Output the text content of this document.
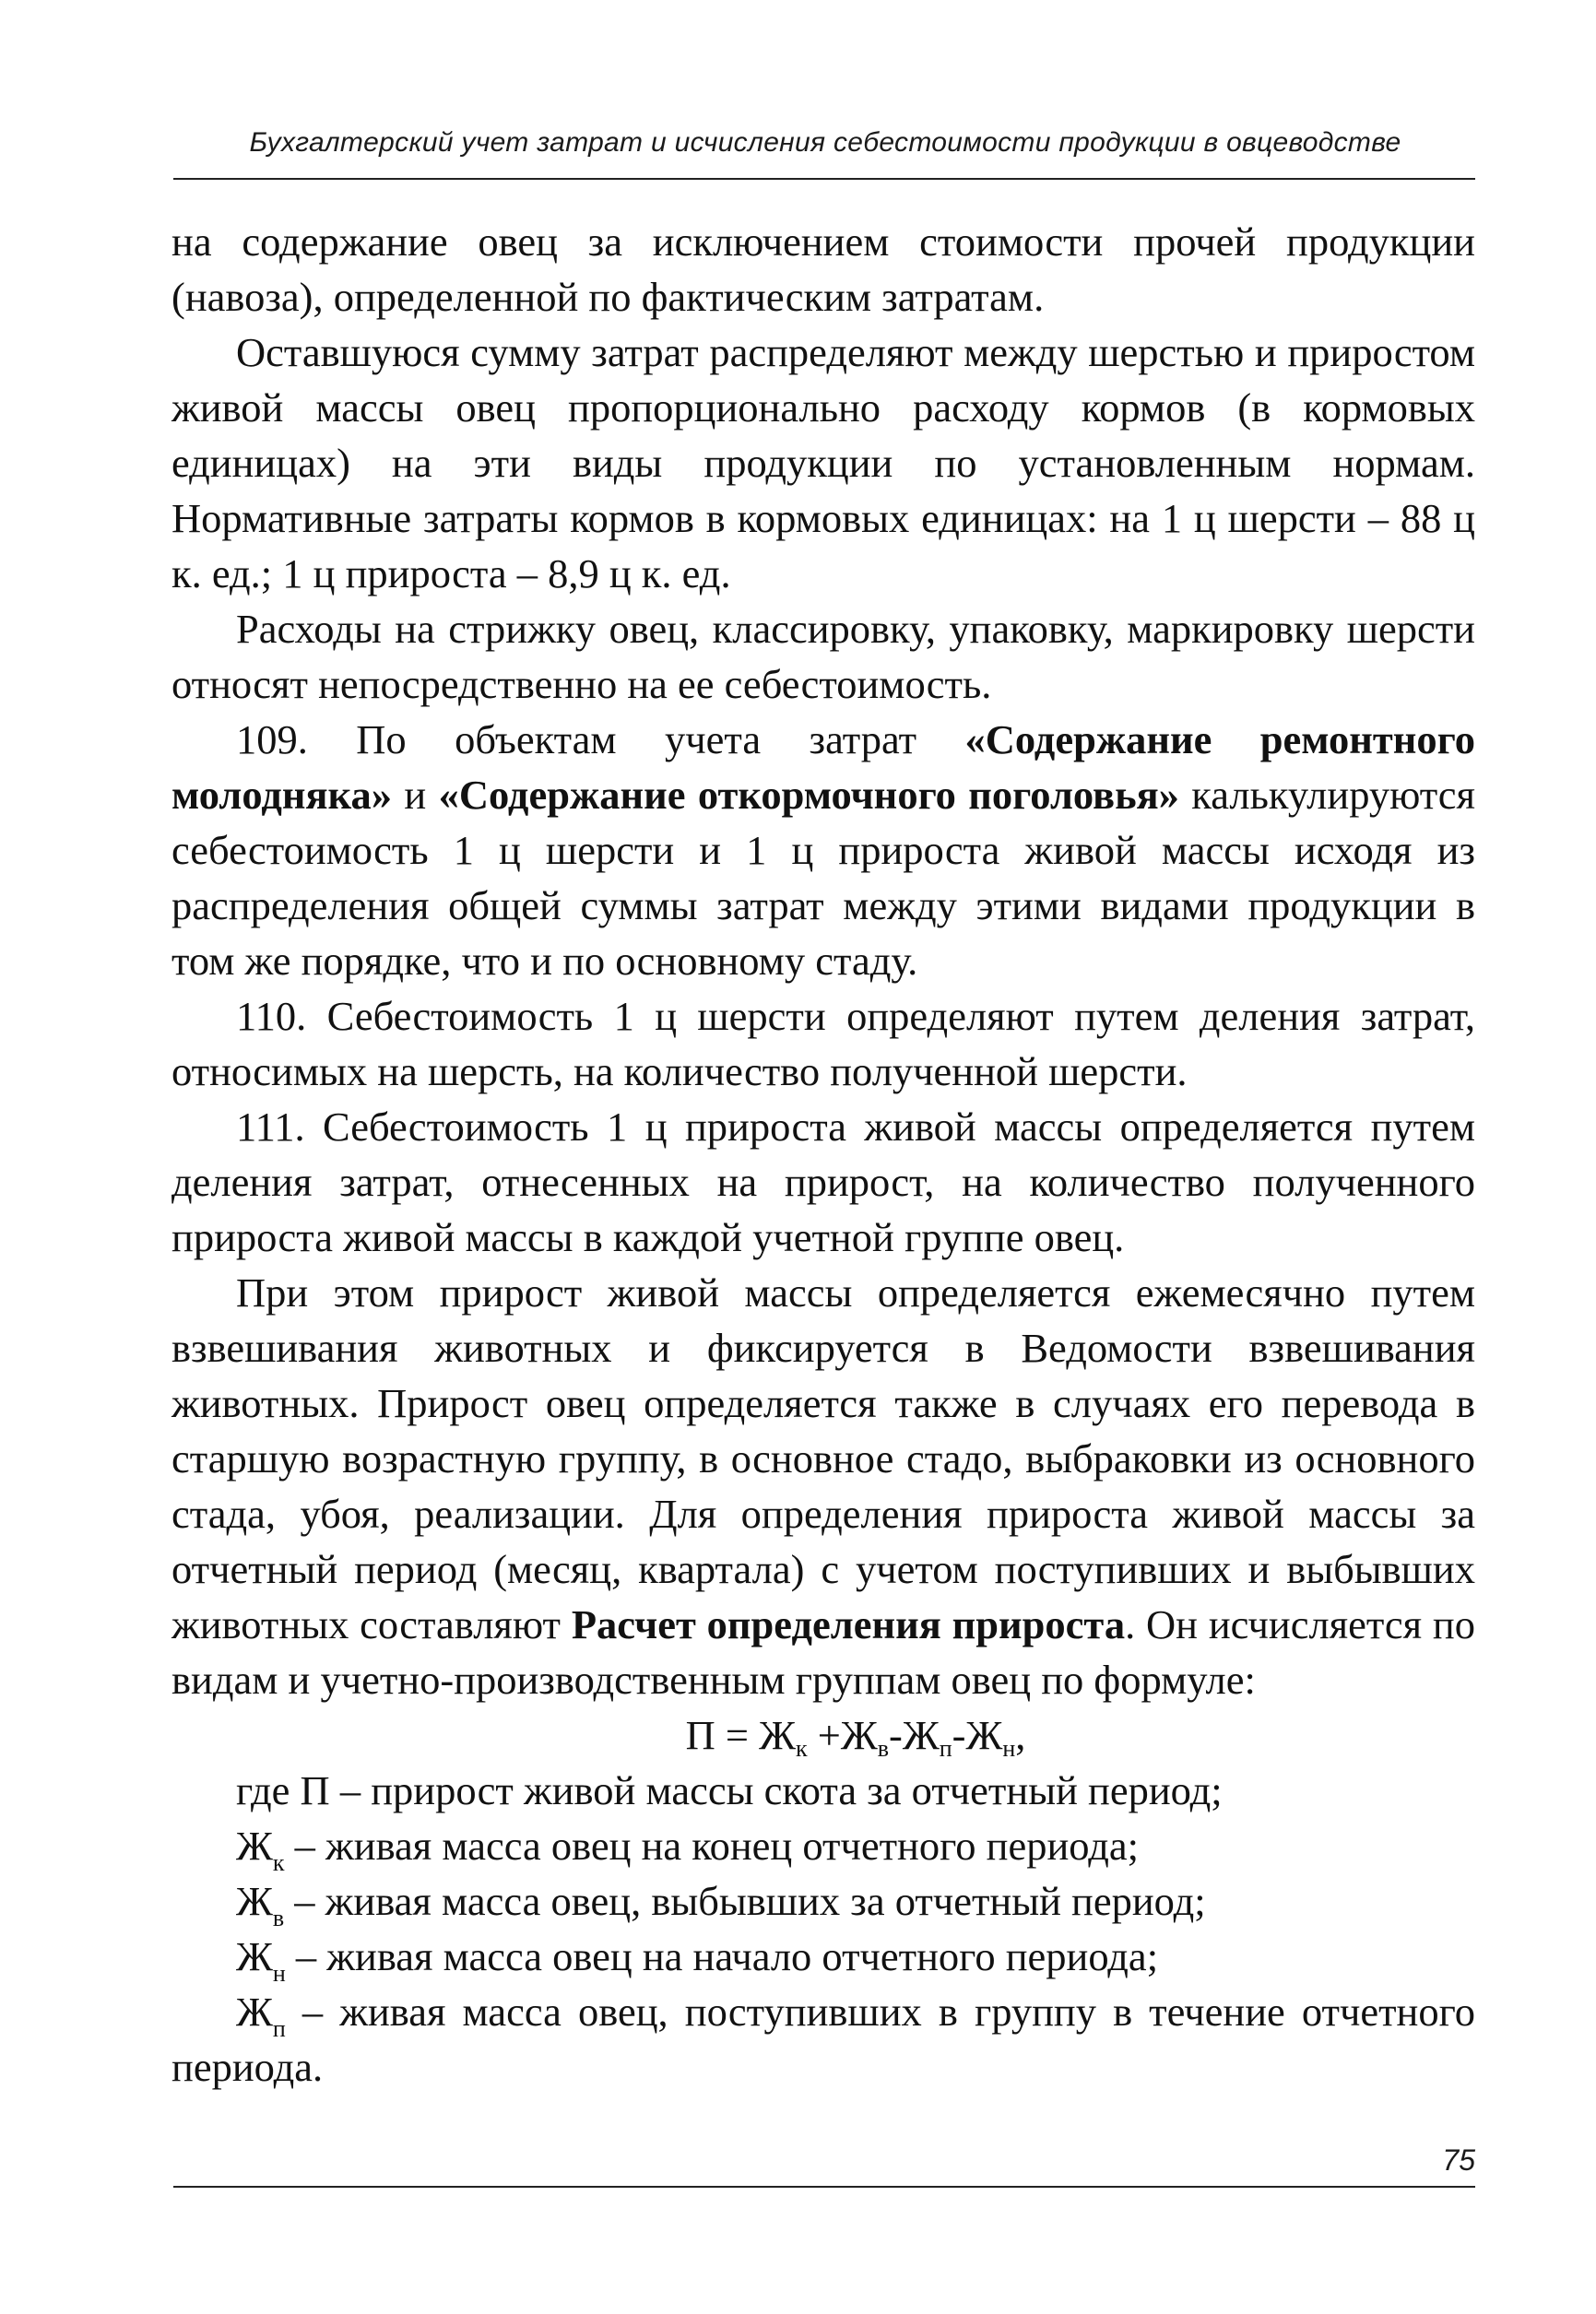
Бухгалтерский учет затрат и исчисления себестоимости продукции в овцеводстве

на содержание овец за исключением стоимости прочей продукции (навоза), определенной по фактическим затратам.

Оставшуюся сумму затрат распределяют между шерстью и приростом живой массы овец пропорционально расходу кормов (в кормовых единицах) на эти виды продукции по установленным нормам. Нормативные затраты кормов в кормовых единицах: на 1 ц шерсти – 88 ц к. ед.; 1 ц прироста – 8,9 ц к. ед.

Расходы на стрижку овец, классировку, упаковку, маркировку шерсти относят непосредственно на ее себестоимость.

109. По объектам учета затрат «Содержание ремонтного молодняка» и «Содержание откормочного поголовья» калькулируются себестоимость 1 ц шерсти и 1 ц прироста живой массы исходя из распределения общей суммы затрат между этими видами продукции в том же порядке, что и по основному стаду.

110. Себестоимость 1 ц шерсти определяют путем деления затрат, относимых на шерсть, на количество полученной шерсти.

111. Себестоимость 1 ц прироста живой массы определяется путем деления затрат, отнесенных на прирост, на количество полученного прироста живой массы в каждой учетной группе овец.

При этом прирост живой массы определяется ежемесячно путем взвешивания животных и фиксируется в Ведомости взвешивания животных. Прирост овец определяется также в случаях его перевода в старшую возрастную группу, в основное стадо, выбраковки из основного стада, убоя, реализации. Для определения прироста живой массы за отчетный период (месяц, квартала) с учетом поступивших и выбывших животных составляют Расчет определения прироста. Он исчисляется по видам и учетно-производственным группам овец по формуле:

$П = Ж_к +Ж_в-Ж_п-Ж_н$,

где П – прирост живой массы скота за отчетный период;

$Ж_к$ – живая масса овец на конец отчетного периода;

$Ж_в$ – живая масса овец, выбывших за отчетный период;

$Ж_н$ – живая масса овец на начало отчетного периода;

$Ж_п$ – живая масса овец, поступивших в группу в течение отчетного периода.

75
